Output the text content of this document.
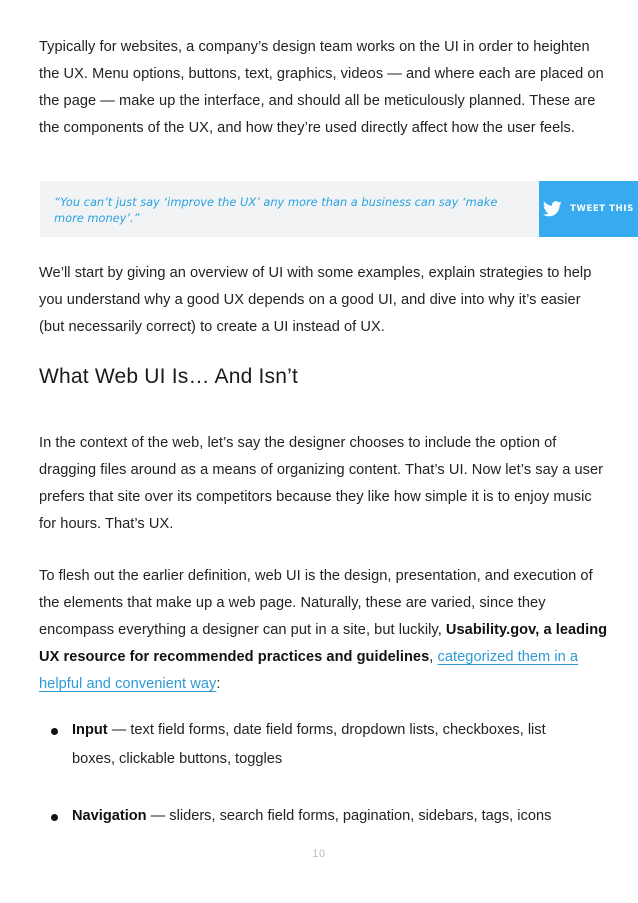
Typically for websites, a company’s design team works on the UI in order to heighten the UX. Menu options, buttons, text, graphics, videos — and where each are placed on the page — make up the interface, and should all be meticulously planned. These are the components of the UX, and how they’re used directly affect how the user feels.

“You can’t just say ‘improve the UX’ any more than a business can say ‘make more money’.”

TWEET THIS

We’ll start by giving an overview of UI with some examples, explain strategies to help you understand why a good UX depends on a good UI, and dive into why it’s easier (but necessarily correct) to create a UI instead of UX.

What Web UI Is… And Isn’t

In the context of the web, let’s say the designer chooses to include the option of dragging files around as a means of organizing content. That’s UI. Now let’s say a user prefers that site over its competitors because they like how simple it is to enjoy music for hours. That’s UX.

To flesh out the earlier definition, web UI is the design, presentation, and execution of the elements that make up a web page. Naturally, these are varied, since they encompass everything a designer can put in a site, but luckily, Usability.gov, a leading UX resource for recommended practices and guidelines, categorized them in a helpful and convenient way:

Input — text field forms, date field forms, dropdown lists, checkboxes, list boxes, clickable buttons, toggles
Navigation — sliders, search field forms, pagination, sidebars, tags, icons
10
